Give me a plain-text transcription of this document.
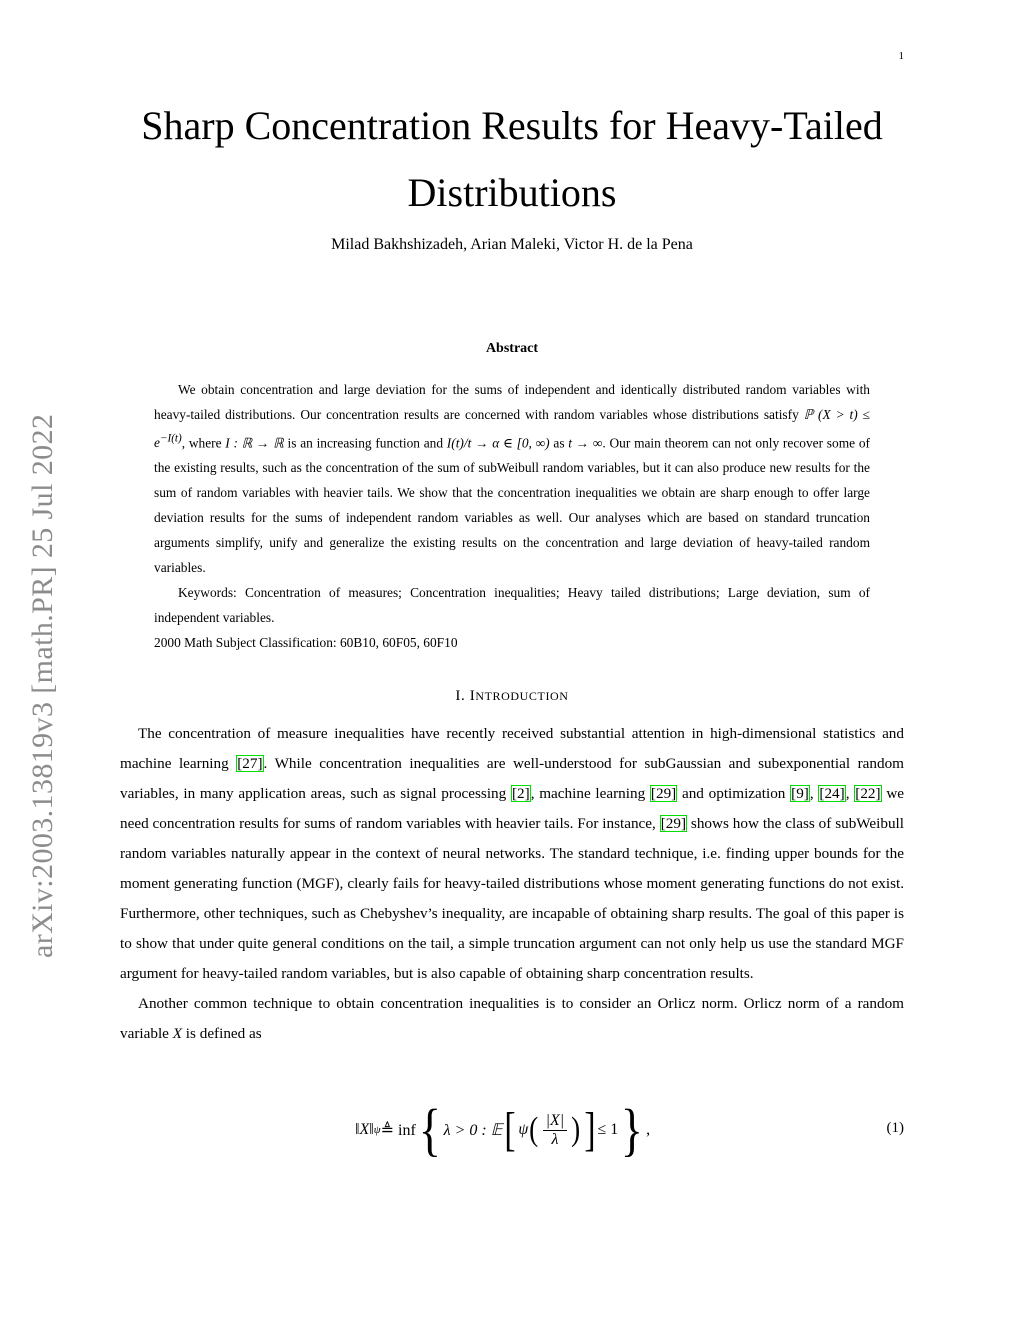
1
arXiv:2003.13819v3 [math.PR] 25 Jul 2022
Sharp Concentration Results for Heavy-Tailed
Distributions
Milad Bakhshizadeh, Arian Maleki, Victor H. de la Pena
Abstract

We obtain concentration and large deviation for the sums of independent and identically distributed random variables with heavy-tailed distributions. Our concentration results are concerned with random variables whose distributions satisfy ℙ $(X > t) \le e^{-I(t)}$, where I : ℝ → ℝ is an increasing function and I(t)/t → α ∈ [0, ∞) as t → ∞. Our main theorem can not only recover some of the existing results, such as the concentration of the sum of subWeibull random variables, but it can also produce new results for the sum of random variables with heavier tails. We show that the concentration inequalities we obtain are sharp enough to offer large deviation results for the sums of independent random variables as well. Our analyses which are based on standard truncation arguments simplify, unify and generalize the existing results on the concentration and large deviation of heavy-tailed random variables.

Keywords: Concentration of measures; Concentration inequalities; Heavy tailed distributions; Large deviation, sum of independent variables.

2000 Math Subject Classification: 60B10, 60F05, 60F10

I. INTRODUCTION

The concentration of measure inequalities have recently received substantial attention in high-dimensional statistics and machine learning [27]. While concentration inequalities are well-understood for subGaussian and subexponential random variables, in many application areas, such as signal processing [2], machine learning [29] and optimization [9], [24], [22] we need concentration results for sums of random variables with heavier tails. For instance, [29] shows how the class of subWeibull random variables naturally appear in the context of neural networks. The standard technique, i.e. finding upper bounds for the moment generating function (MGF), clearly fails for heavy-tailed distributions whose moment generating functions do not exist. Furthermore, other techniques, such as Chebyshev’s inequality, are incapable of obtaining sharp results. The goal of this paper is to show that under quite general conditions on the tail, a simple truncation argument can not only help us use the standard MGF argument for heavy-tailed random variables, but is also capable of obtaining sharp concentration results.

Another common technique to obtain concentration inequalities is to consider an Orlicz norm. Orlicz norm of a random variable X is defined as

‖X‖ ψ ≜ inf { λ > 0 : 𝔼 [ ψ ( $\frac{|X|}{\lambda}$ ) ] ≤ 1 } ,	(1)
